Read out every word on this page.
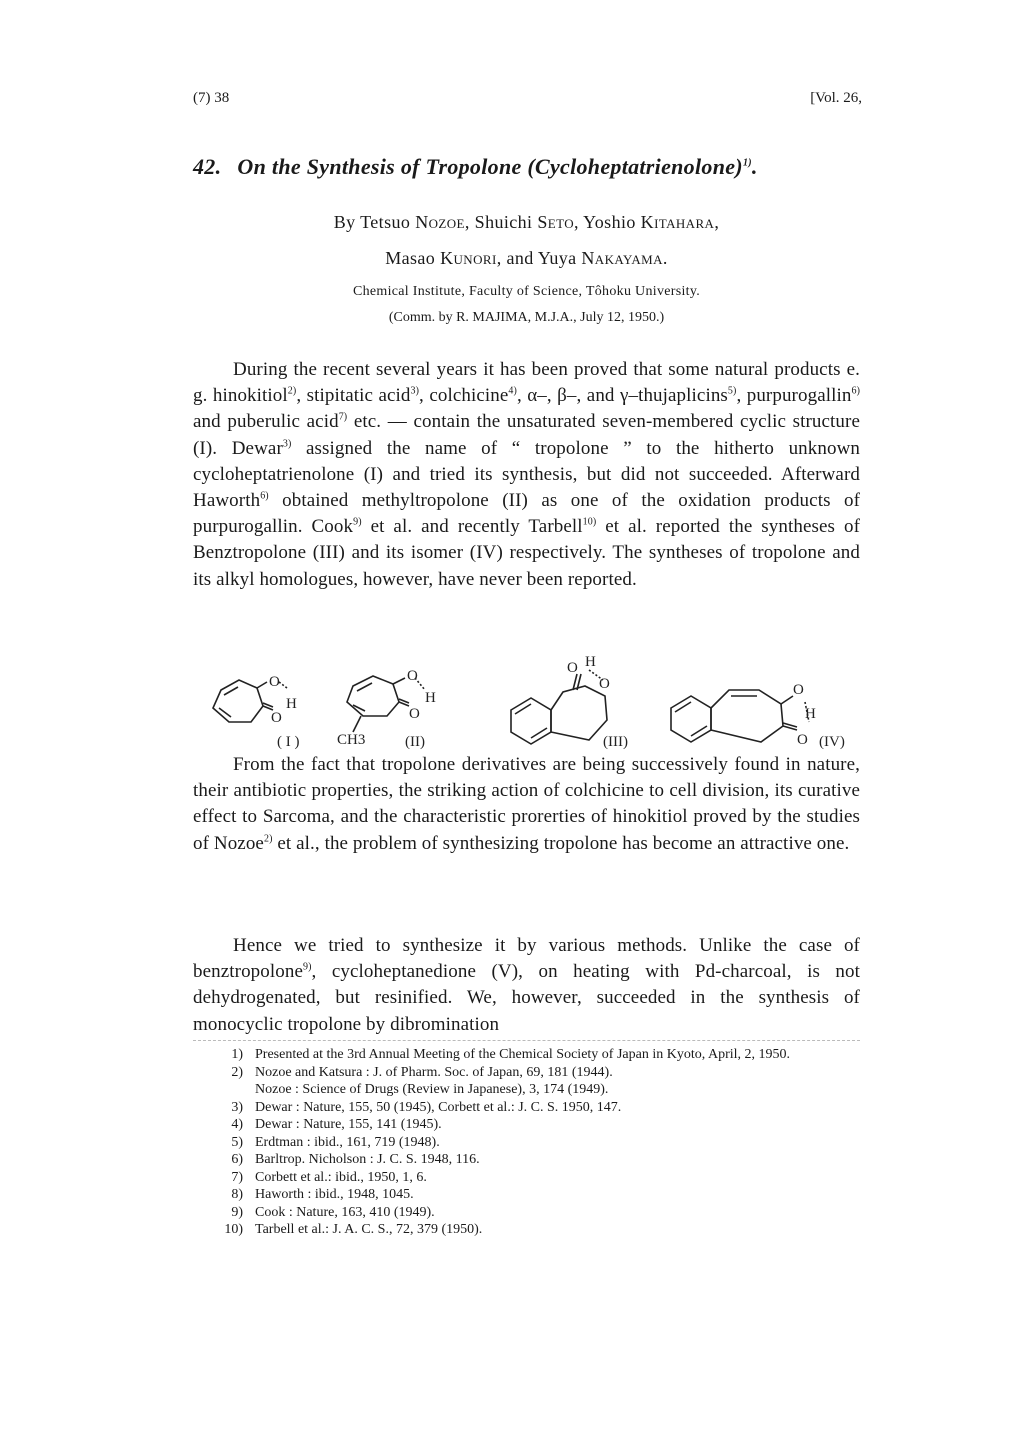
(7) 38	[Vol. 26,
42. On the Synthesis of Tropolone (Cycloheptatrienolone)$^{1)}$.
By Tetsuo Nozoe, Shuichi Seto, Yoshio Kitahara,
Masao Kunori, and Yuya Nakayama.
Chemical Institute, Faculty of Science, Tôhoku University.
(Comm. by R. MAJIMA, M.J.A., July 12, 1950.)
During the recent several years it has been proved that some natural products e. g. hinokitiol$^{2)}$, stipitatic acid$^{3)}$, colchicine$^{4)}$, α–, β–, and γ–thujaplicins$^{5)}$, purpurogallin$^{6)}$ and puberulic acid$^{7)}$ etc. — contain the unsaturated seven-membered cyclic structure (I). Dewar$^{3)}$ assigned the name of “ tropolone ” to the hitherto unknown cycloheptatrienolone (I) and tried its synthesis, but did not succeeded. Afterward Haworth$^{6)}$ obtained methyltropolone (II) as one of the oxidation products of purpurogallin. Cook$^{9)}$ et al. and recently Tarbell$^{10)}$ et al. reported the syntheses of Benztropolone (III) and its isomer (IV) respectively. The syntheses of tropolone and its alkyl homologues, however, have never been reported.
O
H
O
( I )
O
H
O
CH3	(II)
O H
O
(III)
O
H
O (IV)
From the fact that tropolone derivatives are being successively found in nature, their antibiotic properties, the striking action of colchicine to cell division, its curative effect to Sarcoma, and the characteristic prorerties of hinokitiol proved by the studies of Nozoe$^{2)}$ et al., the problem of synthesizing tropolone has become an attractive one.
Hence we tried to synthesize it by various methods. Unlike the case of benztropolone$^{9)}$, cycloheptanedione (V), on heating with Pd-charcoal, is not dehydrogenated, but resinified. We, however, succeeded in the synthesis of monocyclic tropolone by dibromination
1) Presented at the 3rd Annual Meeting of the Chemical Society of Japan in Kyoto, April, 2, 1950.
2) Nozoe and Katsura : J. of Pharm. Soc. of Japan, 69, 181 (1944).
Nozoe : Science of Drugs (Review in Japanese), 3, 174 (1949).
3) Dewar : Nature, 155, 50 (1945), Corbett et al.: J. C. S. 1950, 147.
4) Dewar : Nature, 155, 141 (1945).
5) Erdtman : ibid., 161, 719 (1948).
6) Barltrop. Nicholson : J. C. S. 1948, 116.
7) Corbett et al.: ibid., 1950, 1, 6.
8) Haworth : ibid., 1948, 1045.
9) Cook : Nature, 163, 410 (1949).
10) Tarbell et al.: J. A. C. S., 72, 379 (1950).
